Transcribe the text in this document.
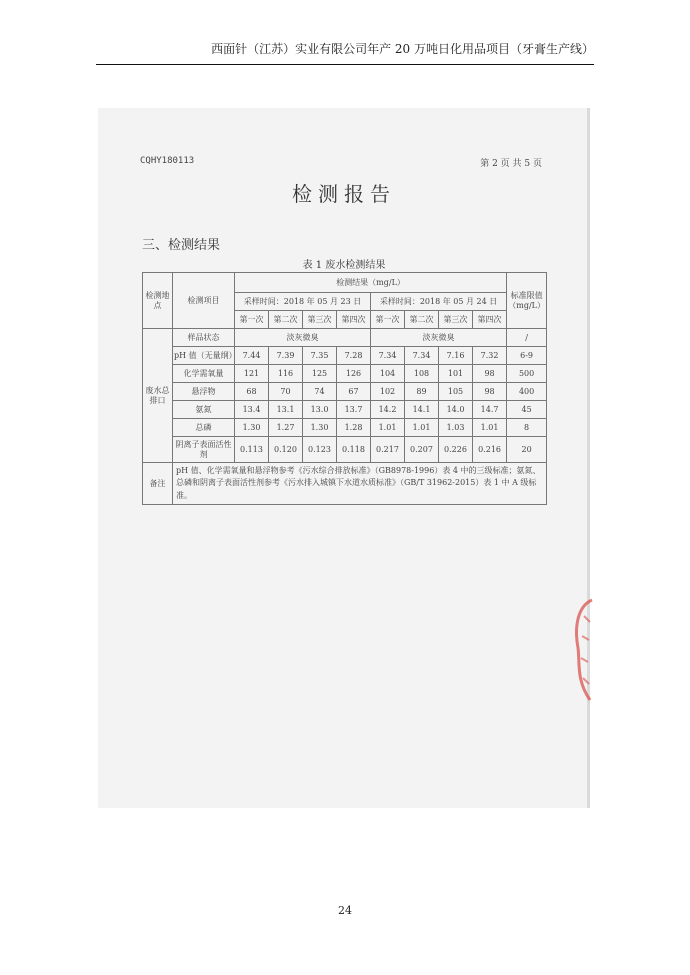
西面针（江苏）实业有限公司年产 20 万吨日化用品项目（牙膏生产线）
CQHY180113	第 2 页 共 5 页
检测报告
三、检测结果
表 1 废水检测结果
检测地点	检测项目	检测结果（mg/L）								标准限值（mg/L）
		采样时间：2018 年 05 月 23 日				采样时间：2018 年 05 月 24 日				
		第一次	第二次	第三次	第四次	第一次	第二次	第三次	第四次	
废水总排口	样品状态	淡灰微臭				淡灰微臭				/
	pH 值（无量纲）	7.44	7.39	7.35	7.28	7.34	7.34	7.16	7.32	6-9
	化学需氧量	121	116	125	126	104	108	101	98	500
	悬浮物	68	70	74	67	102	89	105	98	400
	氨氮	13.4	13.1	13.0	13.7	14.2	14.1	14.0	14.7	45
	总磷	1.30	1.27	1.30	1.28	1.01	1.01	1.03	1.01	8
	阴离子表面活性剂	0.113	0.120	0.123	0.118	0.217	0.207	0.226	0.216	20
备注	pH 值、化学需氧量和悬浮物参考《污水综合排放标准》（GB8978-1996）表 4 中的三级标准；氨氮、总磷和阴离子表面活性剂参考《污水排入城镇下水道水质标准》（GB/T 31962-2015）表 1 中 A 级标准。									
24
